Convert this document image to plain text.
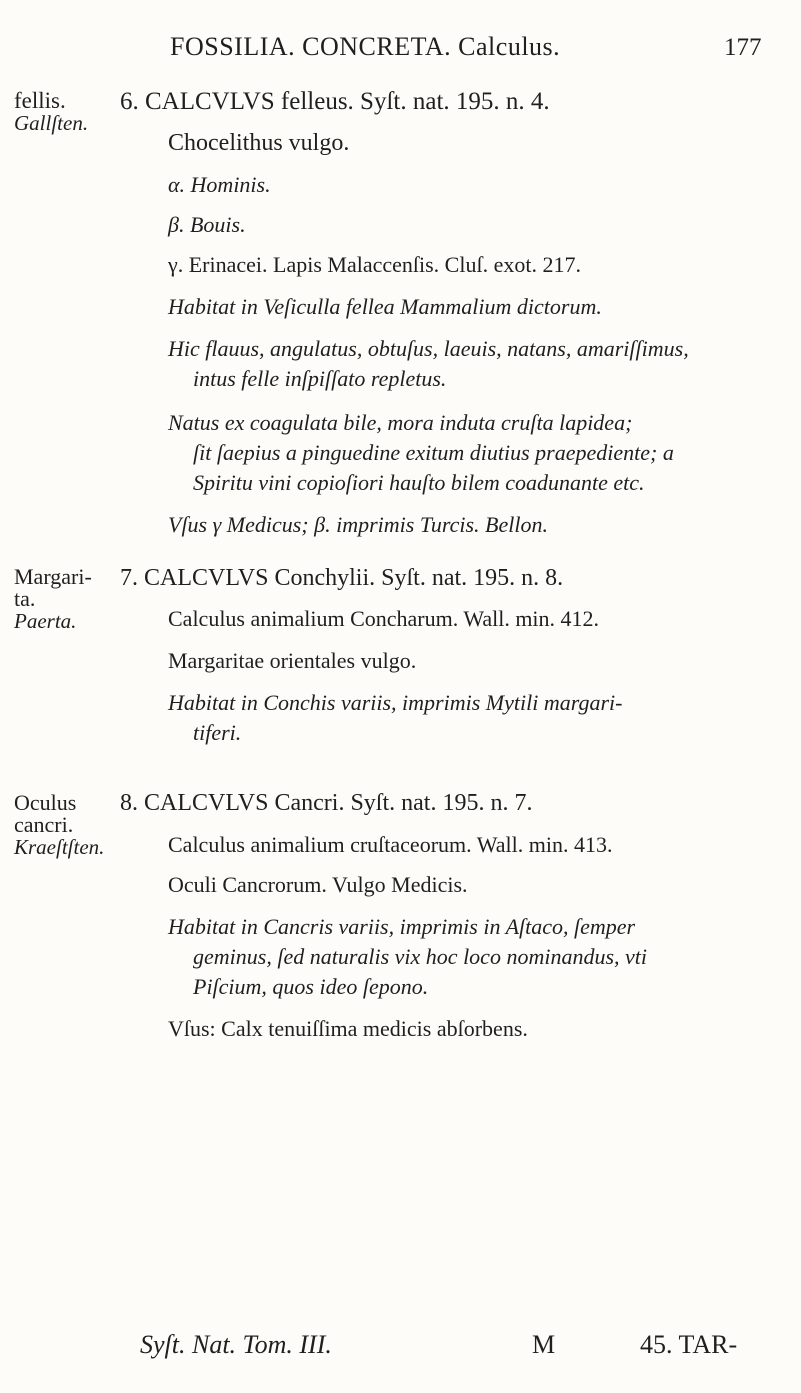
FOSSILIA. CONCRETA. Calculus.	177
fellis.
Gallſten.
6. CALCVLVS felleus. Syſt. nat. 195. n. 4.
Chocelithus vulgo.
α. Hominis.
β. Bouis.
γ. Erinacei. Lapis Malaccenſis. Cluſ. exot. 217.
Habitat in Veſiculla fellea Mammalium dictorum.
Hic flauus, angulatus, obtuſus, laeuis, natans, amariſſimus,
intus felle inſpiſſato repletus.
Natus ex coagulata bile, mora induta cruſta lapidea;
ſit ſaepius a pinguedine exitum diutius praepediente; a
Spiritu vini copioſiori hauſto bilem coadunante etc.
Vſus γ Medicus; β. imprimis Turcis. Bellon.
Margari-
ta.
Paerta.
7. CALCVLVS Conchylii. Syſt. nat. 195. n. 8.
Calculus animalium Concharum. Wall. min. 412.
Margaritae orientales vulgo.
Habitat in Conchis variis, imprimis Mytili margari-
tiferi.
Oculus
cancri.
Kraeſtſten.
8. CALCVLVS Cancri. Syſt. nat. 195. n. 7.
Calculus animalium cruſtaceorum. Wall. min. 413.
Oculi Cancrorum. Vulgo Medicis.
Habitat in Cancris variis, imprimis in Aſtaco, ſemper
geminus, ſed naturalis vix hoc loco nominandus, vti
Piſcium, quos ideo ſepono.
Vſus: Calx tenuiſſima medicis abſorbens.
Syſt. Nat. Tom. III.	M	45. TAR-
